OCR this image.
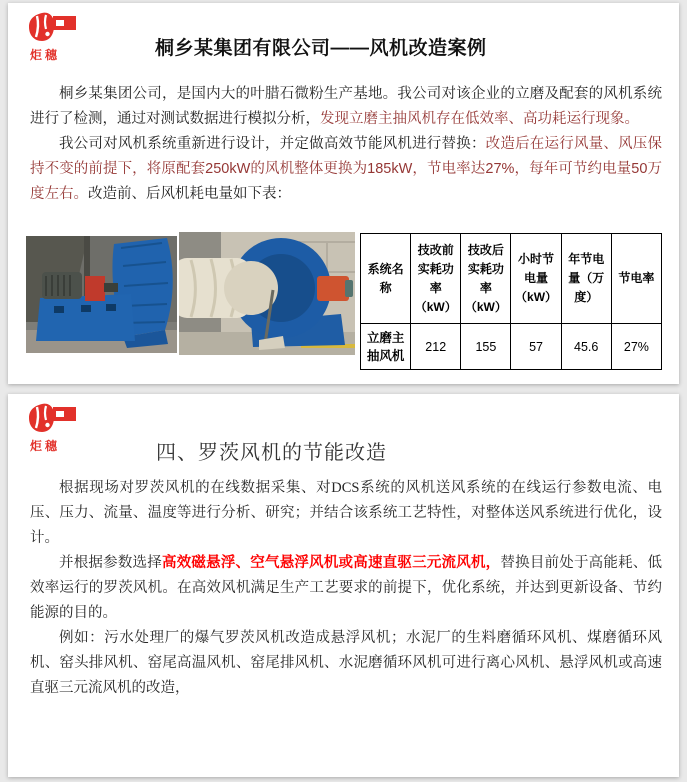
炬穗	桐乡某集团有限公司——风机改造案例

桐乡某集团公司，是国内大的叶腊石微粉生产基地。我公司对该企业的立磨及配套的风机系统进行了检测，通过对测试数据进行模拟分析，发现立磨主抽风机存在低效率、高功耗运行现象。

我公司对风机系统重新进行设计，并定做高效节能风机进行替换：改造后在运行风量、风压保持不变的前提下，将原配套250kW的风机整体更换为185kW，节电率达27%，每年可节约电量50万度左右。改造前、后风机耗电量如下表：

系统名称	技改前实耗功率（kW）	技改后实耗功率（kW）	小时节电量（kW）	年节电量（万度）	节电率
立磨主抽风机	212	155	57	45.6	27%
炬穗	四、罗茨风机的节能改造

根据现场对罗茨风机的在线数据采集、对DCS系统的风机送风系统的在线运行参数电流、电压、压力、流量、温度等进行分析、研究；并结合该系统工艺特性，对整体送风系统进行优化，设计。

并根据参数选择高效磁悬浮、空气悬浮风机或高速直驱三元流风机，替换目前处于高能耗、低效率运行的罗茨风机。在高效风机满足生产工艺要求的前提下，优化系统，并达到更新设备、节约能源的目的。

例如：污水处理厂的爆气罗茨风机改造成悬浮风机；水泥厂的生料磨循环风机、煤磨循环风机、窑头排风机、窑尾高温风机、窑尾排风机、水泥磨循环风机可进行离心风机、悬浮风机或高速直驱三元流风机的改造，
